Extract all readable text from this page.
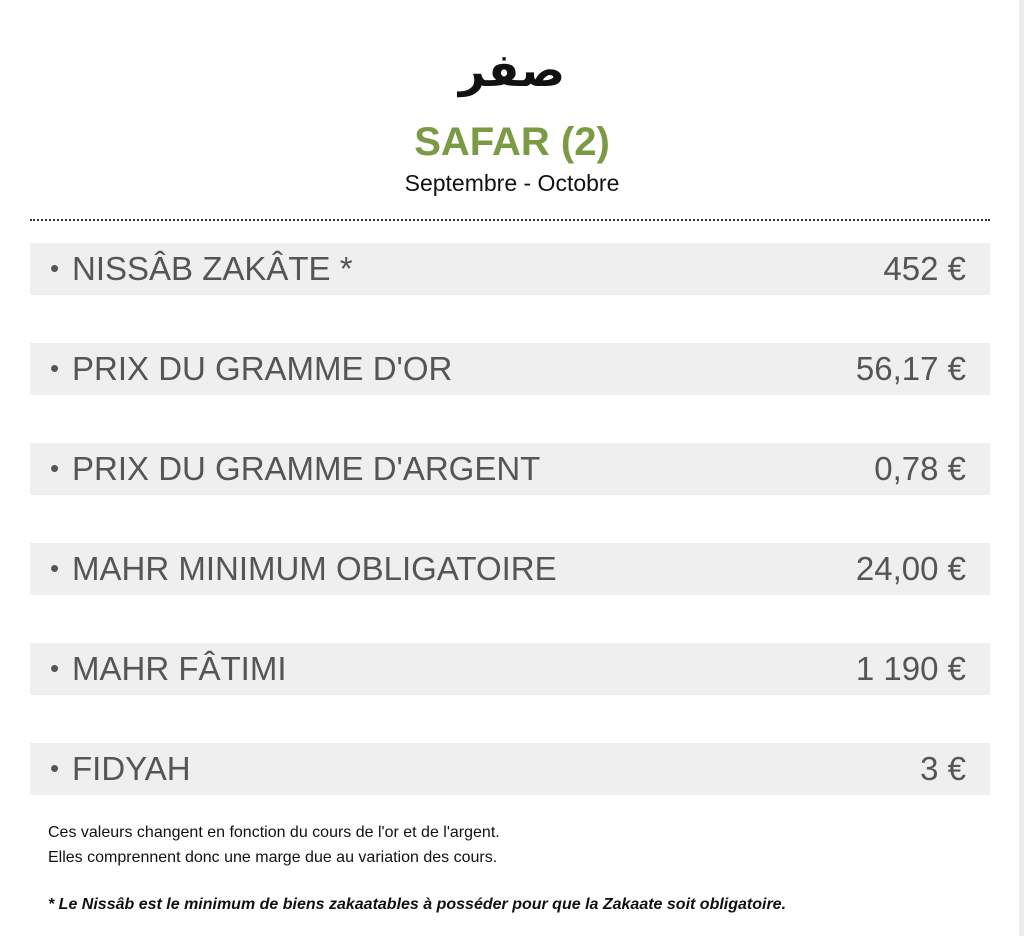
صفر
SAFAR (2)
Septembre - Octobre
• NISSÂB ZAKÂTE *	452 €
• PRIX DU GRAMME D'OR	56,17 €
• PRIX DU GRAMME D'ARGENT	0,78 €
• MAHR MINIMUM OBLIGATOIRE	24,00 €
• MAHR FÂTIMI	1 190 €
• FIDYAH	3 €
Ces valeurs changent en fonction du cours de l'or et de l'argent.
Elles comprennent donc une marge due au variation des cours.
* Le Nissâb est le minimum de biens zakaatables à posséder pour que la Zakaate soit obligatoire.
